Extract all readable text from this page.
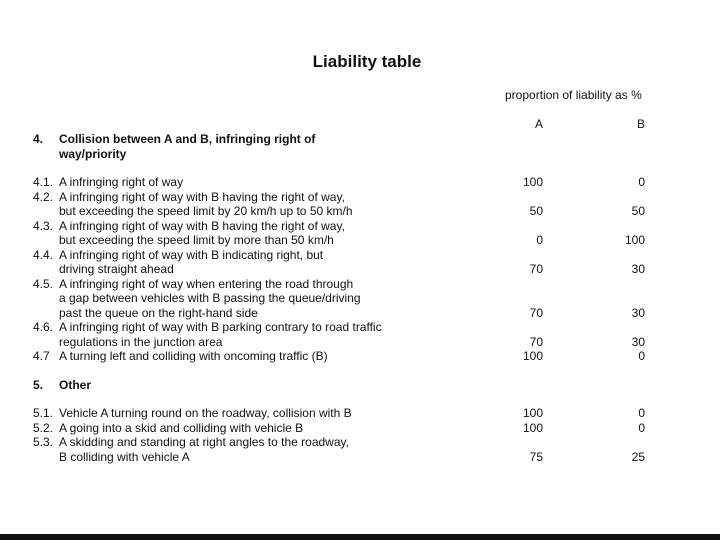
Liability table
proportion of liability as %
A	B
4. Collision between A and B, infringing right of
way/priority
4.1. A infringing right of way	100	0
4.2. A infringing right of way with B having the right of way,
but exceeding the speed limit by 20 km/h up to 50 km/h	50	50
4.3. A infringing right of way with B having the right of way,
but exceeding the speed limit by more than 50 km/h	0	100
4.4. A infringing right of way with B indicating right, but
driving straight ahead	70	30
4.5. A infringing right of way when entering the road through
a gap between vehicles with B passing the queue/driving
past the queue on the right-hand side	70	30
4.6. A infringing right of way with B parking contrary to road traffic
regulations in the junction area	70	30
4.7 A turning left and colliding with oncoming traffic (B)	100	0
5. Other
5.1. Vehicle A turning round on the roadway, collision with B	100	0
5.2. A going into a skid and colliding with vehicle B	100	0
5.3. A skidding and standing at right angles to the roadway,
B colliding with vehicle A	75	25
